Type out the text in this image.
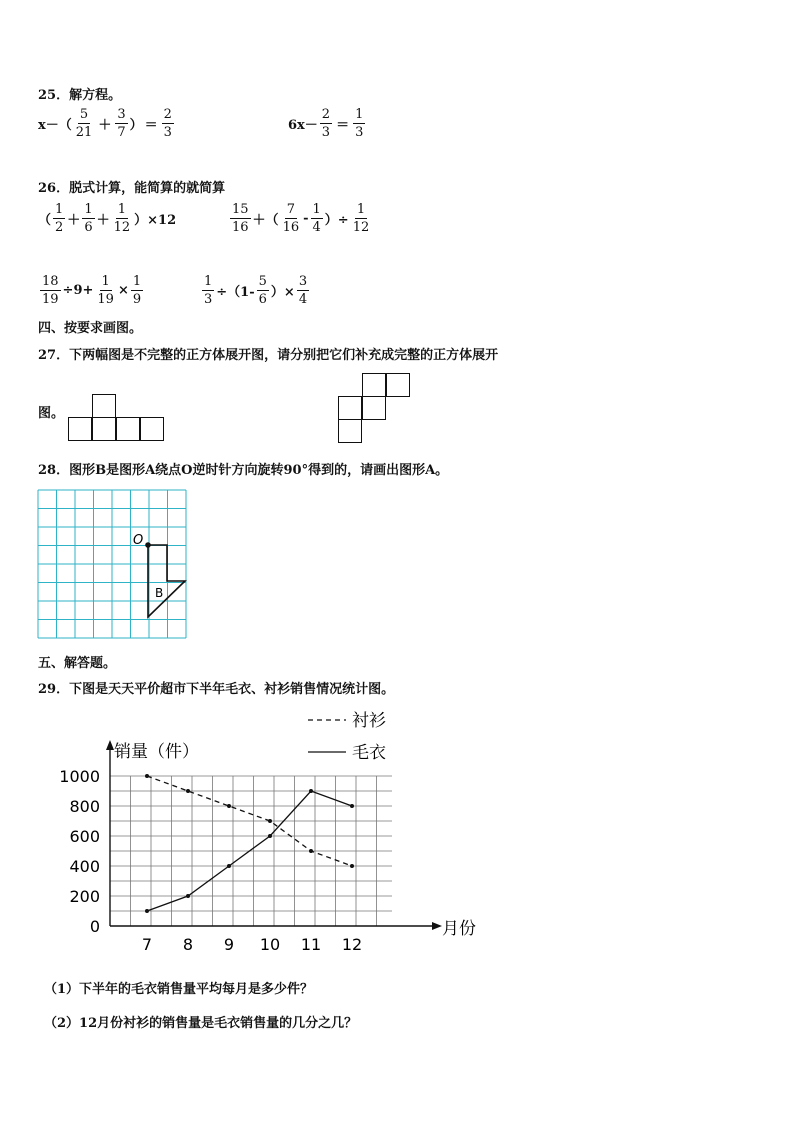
25．解方程。
$x-( \frac{5}{21} + \frac{3}{7}$ ） ＝ $\frac{2}{3}$	$6x- \frac{2}{3} = \frac{1}{3}$
26．脱式计算，能简算的就简算
（ $\frac{1}{2} + \frac{1}{6} + \frac{1}{12} )\times 12$	$\frac{15}{16}$ ＋（ $\frac{7}{16} - \frac{1}{4}$ ）÷ $\frac{1}{12}$
$\frac{18}{19} \div 9+ \frac{1}{19} \times \frac{1}{9}$	$\frac{1}{3} \div(1- \frac{5}{6}$ ）× $\frac{3}{4}$
四、按要求画图。
27．下两幅图是不完整的正方体展开图，请分别把它们补充成完整的正方体展开
图。
28．图形B是图形A绕点O逆时针方向旋转90°得到的，请画出图形A。
O
B
五、解答题。
29．下图是天天平价超市下半年毛衣、衬衫销售情况统计图。
0
200
400
600
800
1000
7 8 9 10 11 12
销量（件）
月份
衬衫
毛衣
（1）下半年的毛衣销售量平均每月是多少件？
（2）12月份衬衫的销售量是毛衣销售量的几分之几？
